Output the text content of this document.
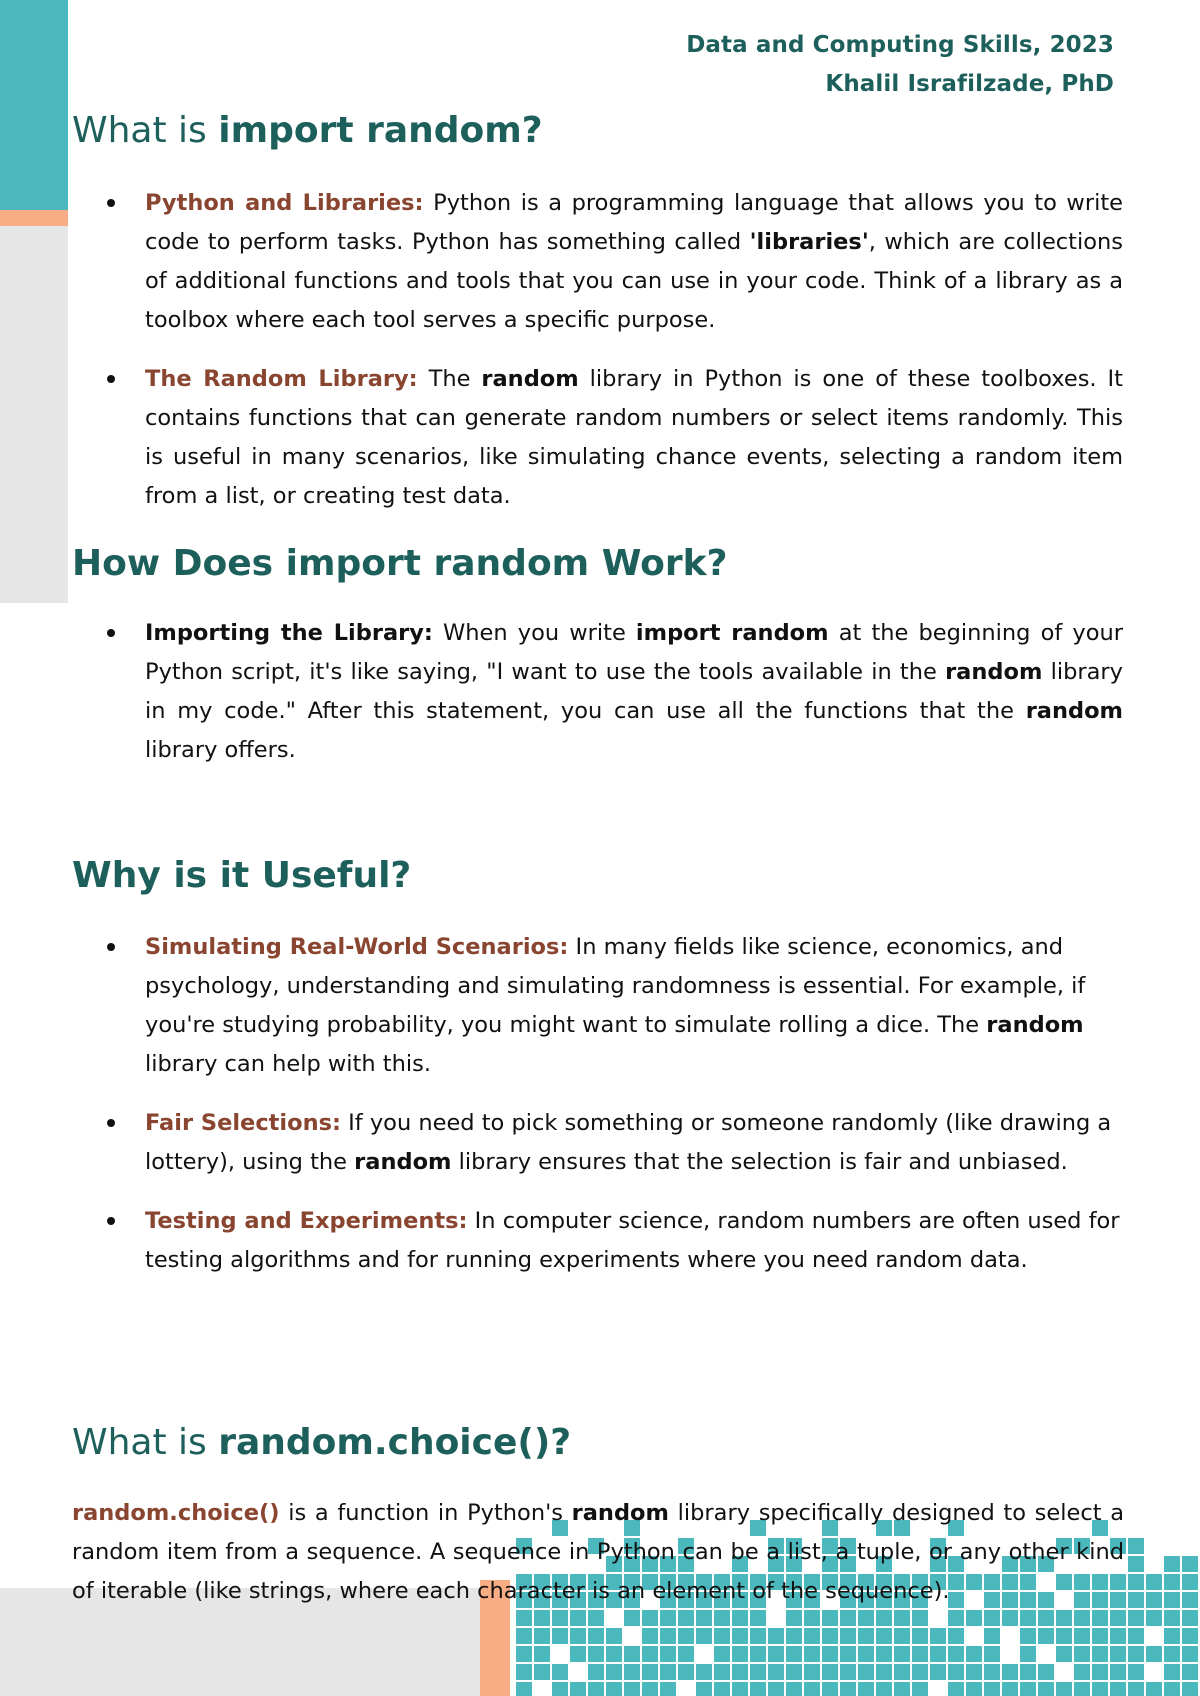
Data and Computing Skills, 2023
Khalil Israfilzade, PhD
What is import random?

Python and Libraries: Python is a programming language that allows you to write code to perform tasks. Python has something called 'libraries', which are collections of additional functions and tools that you can use in your code. Think of a library as a toolbox where each tool serves a specific purpose.

The Random Library: The random library in Python is one of these toolboxes. It contains functions that can generate random numbers or select items randomly. This is useful in many scenarios, like simulating chance events, selecting a random item from a list, or creating test data.

How Does import random Work?

Importing the Library: When you write import random at the beginning of your Python script, it's like saying, "I want to use the tools available in the random library in my code." After this statement, you can use all the functions that the random library offers.

Why is it Useful?

Simulating Real-World Scenarios: In many fields like science, economics, and psychology, understanding and simulating randomness is essential. For example, if you're studying probability, you might want to simulate rolling a dice. The random library can help with this.

Fair Selections: If you need to pick something or someone randomly (like drawing a lottery), using the random library ensures that the selection is fair and unbiased.

Testing and Experiments: In computer science, random numbers are often used for testing algorithms and for running experiments where you need random data.

What is random.choice()?

random.choice() is a function in Python's random library specifically designed to select a random item from a sequence. A sequence in Python can be a list, a tuple, or any other kind of iterable (like strings, where each character is an element of the sequence).
